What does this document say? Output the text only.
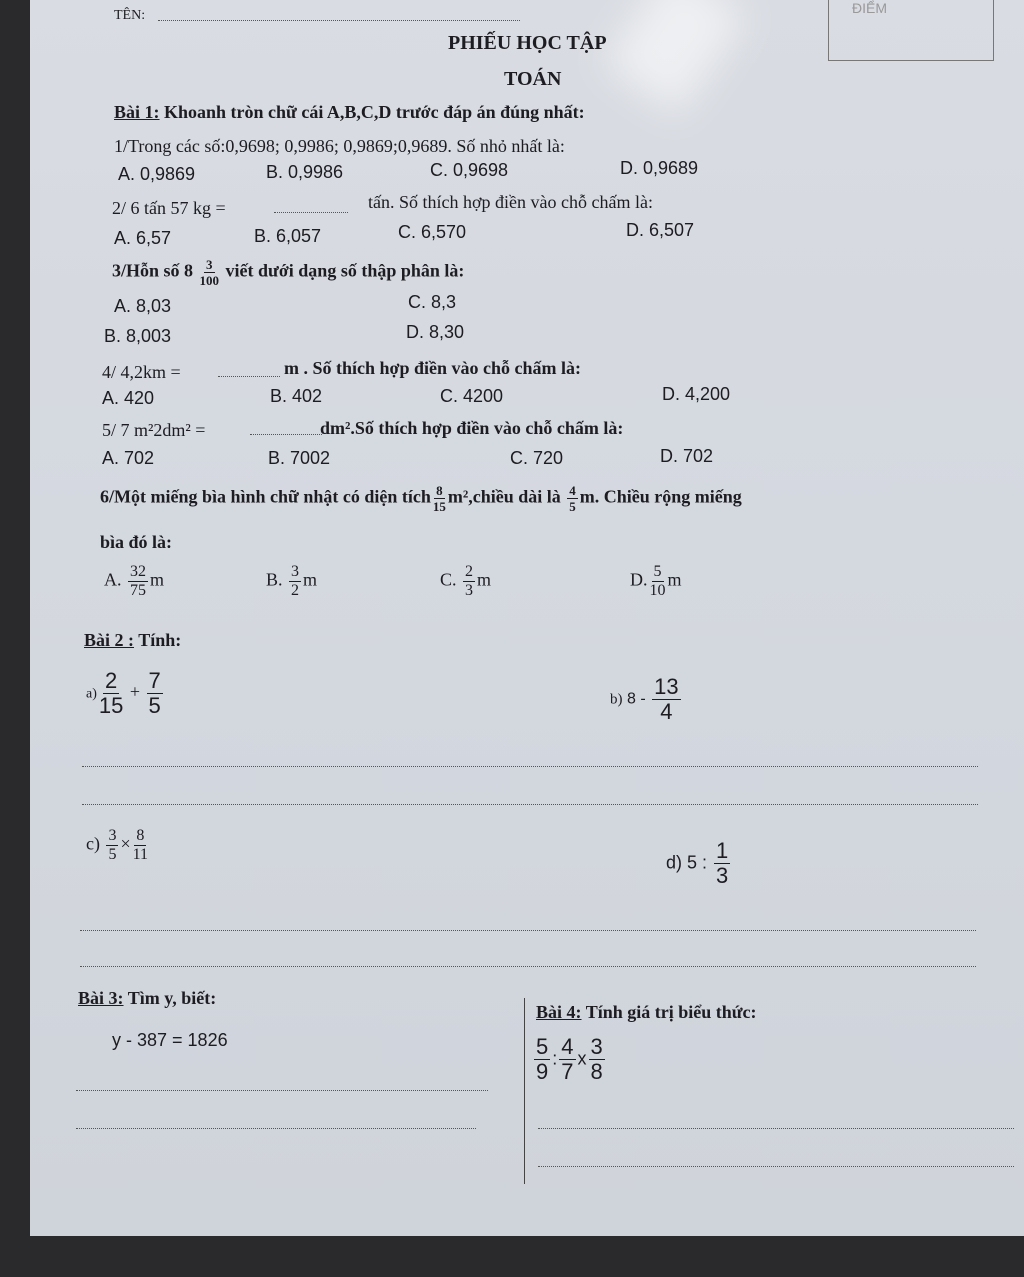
ĐIỂM
TÊN:
PHIẾU HỌC TẬP
TOÁN
Bài 1: Khoanh tròn chữ cái A,B,C,D trước đáp án đúng nhất:
1/Trong các số:0,9698; 0,9986; 0,9869;0,9689. Số nhỏ nhất là:
A. 0,9869	B. 0,9986	C. 0,9698	D. 0,9689
2/ 6 tấn 57 kg =	tấn. Số thích hợp điền vào chỗ chấm là:
A. 6,57	B. 6,057	C. 6,570	D. 6,507
3/Hỗn số $8 \frac{3}{100}$ viết dưới dạng số thập phân là:
A. 8,03	C. 8,3
B. 8,003	D. 8,30
4/ 4,2km =	m . Số thích hợp điền vào chỗ chấm là:
A. 420	B. 402	C. 4200	D. 4,200
5/ 7 m²2dm² =	dm².Số thích hợp điền vào chỗ chấm là:
A. 702	B. 7002	C. 720	D. 702
6/Một miếng bìa hình chữ nhật có diện tích $\frac{8}{15}$ m²,chiều dài là $\frac{4}{5} m$. Chiều rộng miếng
bìa đó là:
A. $\frac{32}{75}$ m	B. $\frac{3}{2}$ m	C. $\frac{2}{3}$ m	D. $\frac{5}{10}$ m
Bài 2 : Tính:
$a) \frac{2}{15} + \frac{7}{5}$	b) $8 - \frac{13}{4}$
$c) \frac{3}{5} \times \frac{8}{11}$	d) 5 : $\frac{1}{3}$
Bài 3: Tìm y, biết:
y - 387 = 1826
Bài 4: Tính giá trị biểu thức:
$\frac{5}{9}$ : $\frac{4}{7}$ x $\frac{3}{8}$
